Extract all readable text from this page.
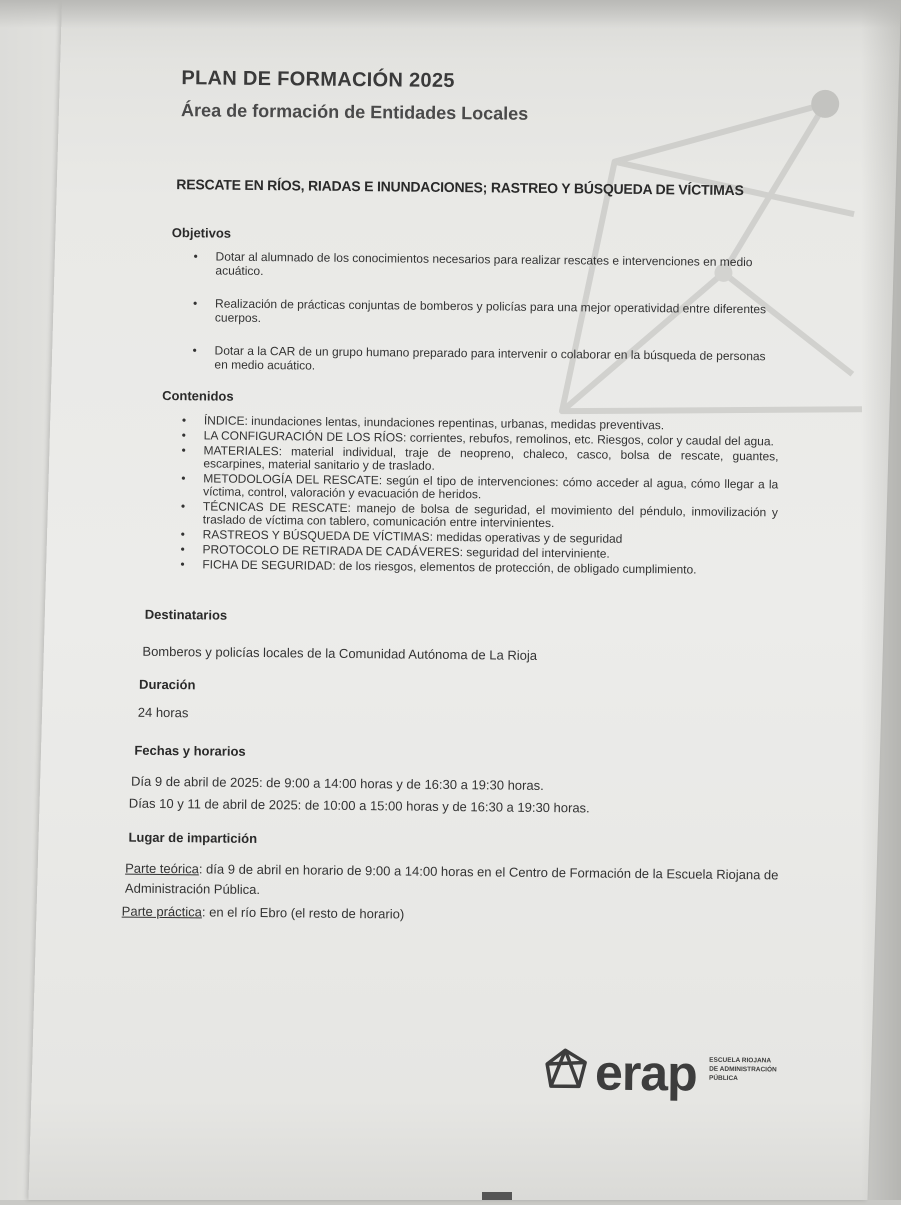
PLAN DE FORMACIÓN 2025
Área de formación de Entidades Locales
RESCATE EN RÍOS, RIADAS E INUNDACIONES; RASTREO Y BÚSQUEDA DE VÍCTIMAS
Objetivos
• Dotar al alumnado de los conocimientos necesarios para realizar rescates e intervenciones en medio acuático.
• Realización de prácticas conjuntas de bomberos y policías para una mejor operatividad entre diferentes cuerpos.
• Dotar a la CAR de un grupo humano preparado para intervenir o colaborar en la búsqueda de personas en medio acuático.
Contenidos
• ÍNDICE: inundaciones lentas, inundaciones repentinas, urbanas, medidas preventivas.
• LA CONFIGURACIÓN DE LOS RÍOS: corrientes, rebufos, remolinos, etc. Riesgos, color y caudal del agua.
• MATERIALES: material individual, traje de neopreno, chaleco, casco, bolsa de rescate, guantes, escarpines, material sanitario y de traslado.
• METODOLOGÍA DEL RESCATE: según el tipo de intervenciones: cómo acceder al agua, cómo llegar a la víctima, control, valoración y evacuación de heridos.
• TÉCNICAS DE RESCATE: manejo de bolsa de seguridad, el movimiento del péndulo, inmovilización y traslado de víctima con tablero, comunicación entre intervinientes.
• RASTREOS Y BÚSQUEDA DE VÍCTIMAS: medidas operativas y de seguridad
• PROTOCOLO DE RETIRADA DE CADÁVERES: seguridad del interviniente.
• FICHA DE SEGURIDAD: de los riesgos, elementos de protección, de obligado cumplimiento.
Destinatarios
Bomberos y policías locales de la Comunidad Autónoma de La Rioja
Duración
24 horas
Fechas y horarios
Día 9 de abril de 2025: de 9:00 a 14:00 horas y de 16:30 a 19:30 horas.
Días 10 y 11 de abril de 2025: de 10:00 a 15:00 horas y de 16:30 a 19:30 horas.
Lugar de impartición
Parte teórica: día 9 de abril en horario de 9:00 a 14:00 horas en el Centro de Formación de la Escuela Riojana de Administración Pública.
Parte práctica: en el río Ebro (el resto de horario)
erap ESCUELA RIOJANA
DE ADMINISTRACIÓN
PÚBLICA
